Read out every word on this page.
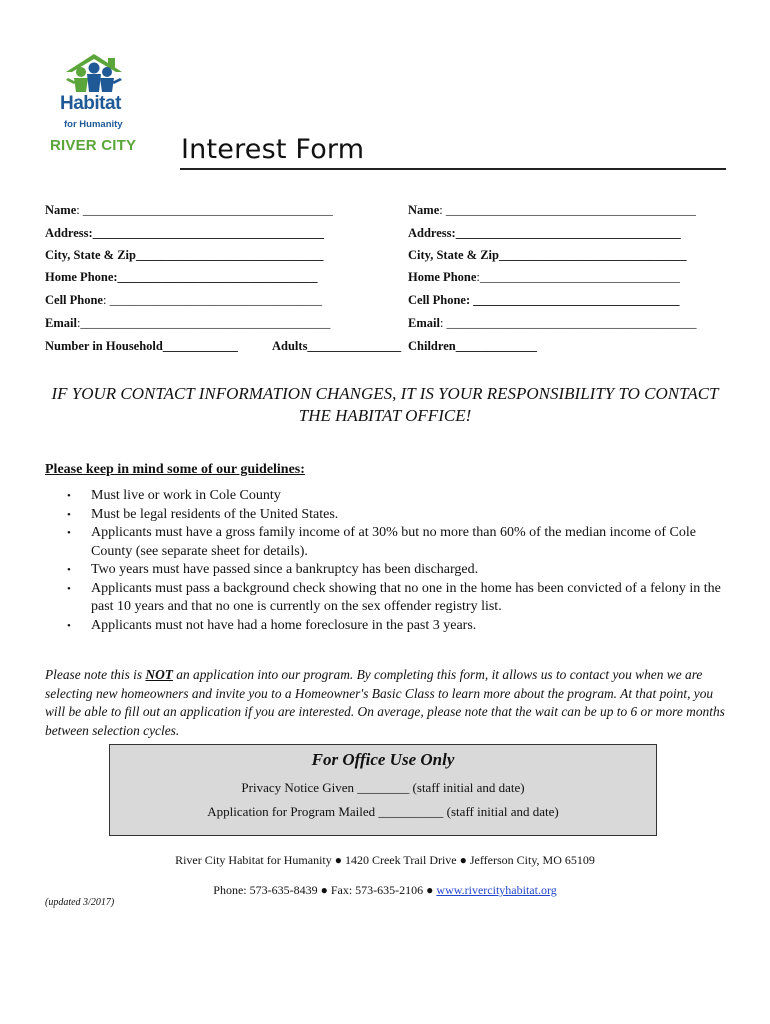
Habitat
for Humanity
RIVER CITY Interest Form
Name: ________________________________________
Address:_____________________________________
City, State & Zip______________________________
Home Phone:________________________________
Cell Phone: __________________________________
Email:________________________________________
Name: ________________________________________
Address:____________________________________
City, State & Zip______________________________
Home Phone:________________________________
Cell Phone: _________________________________
Email: ________________________________________
Number in Household____________	Adults_______________ Children_____________
IF YOUR CONTACT INFORMATION CHANGES, IT IS YOUR RESPONSIBILITY TO CONTACT THE HABITAT OFFICE!
Please keep in mind some of our guidelines:
• Must live or work in Cole County
• Must be legal residents of the United States.
• Applicants must have a gross family income of at 30% but no more than 60% of the median income of Cole County (see separate sheet for details).
• Two years must have passed since a bankruptcy has been discharged.
• Applicants must pass a background check showing that no one in the home has been convicted of a felony in the past 10 years and that no one is currently on the sex offender registry list.
• Applicants must not have had a home foreclosure in the past 3 years.
Please note this is NOT an application into our program. By completing this form, it allows us to contact you when we are selecting new homeowners and invite you to a Homeowner's Basic Class to learn more about the program. At that point, you will be able to fill out an application if you are interested. On average, please note that the wait can be up to 6 or more months between selection cycles.
For Office Use Only
Privacy Notice Given ________ (staff initial and date)
Application for Program Mailed __________ (staff initial and date)
River City Habitat for Humanity ● 1420 Creek Trail Drive ● Jefferson City, MO 65109
Phone: 573-635-8439 ● Fax: 573-635-2106 ● www.rivercityhabitat.org
(updated 3/2017)
